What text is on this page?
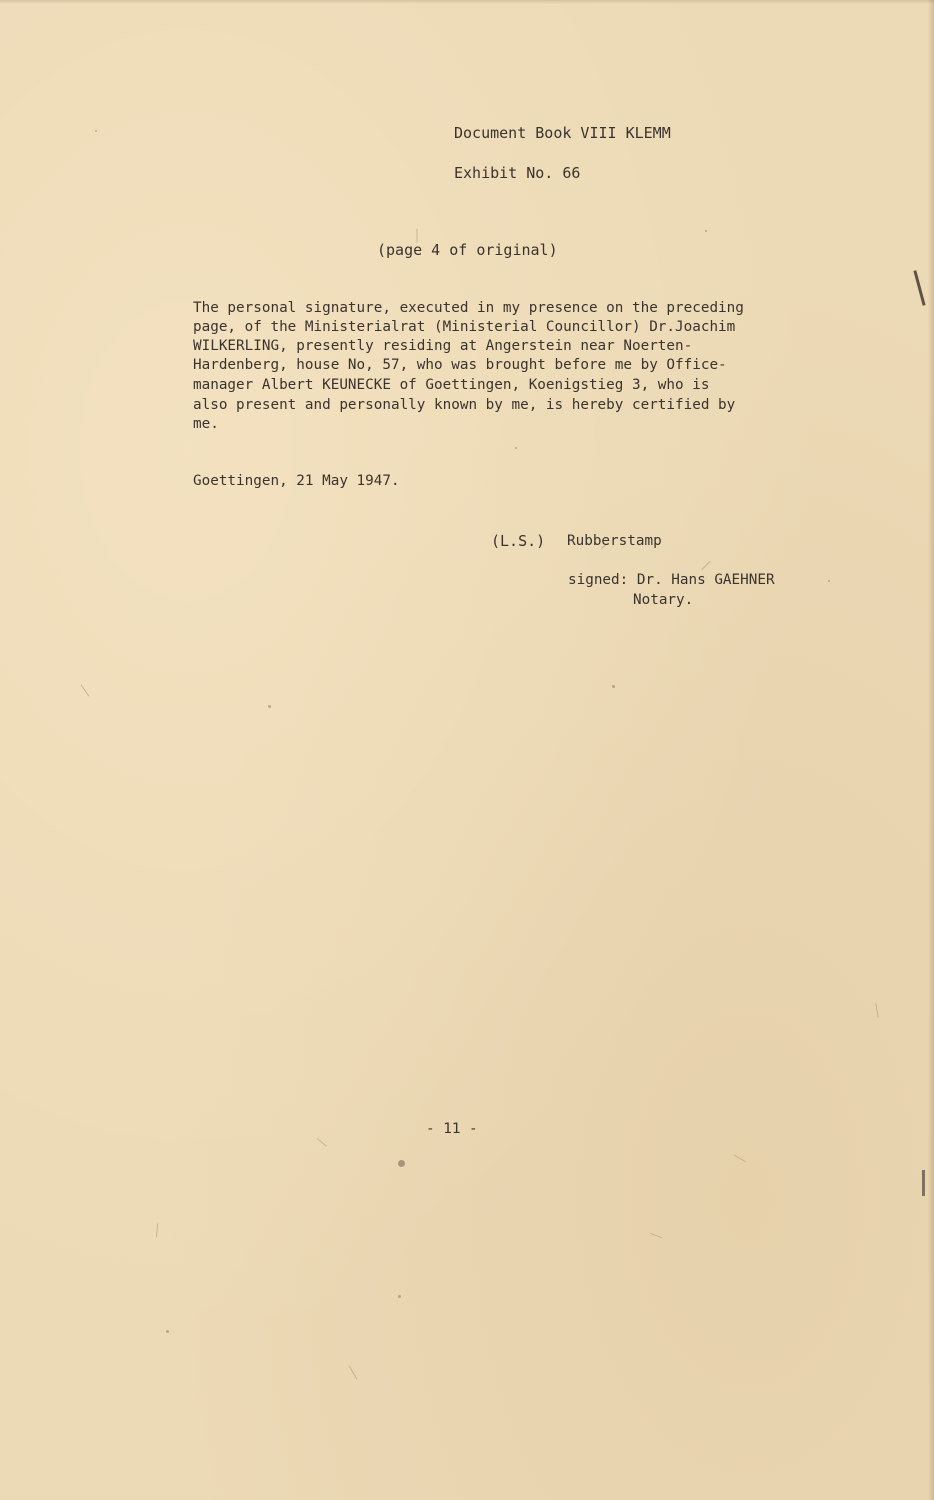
Document Book VIII KLEMM
Exhibit No. 66
(page 4 of original)
The personal signature, executed in my presence on the preceding
page, of the Ministerialrat (Ministerial Councillor) Dr.Joachim
WILKERLING, presently residing at Angerstein near Noerten-
Hardenberg, house No, 57, who was brought before me by Office-
manager Albert KEUNECKE of Goettingen, Koenigstieg 3, who is
also present and personally known by me, is hereby certified by
me.
Goettingen, 21 May 1947.
(L.S.) Rubberstamp
signed: Dr. Hans GAEHNER
Notary.
- 11 -
